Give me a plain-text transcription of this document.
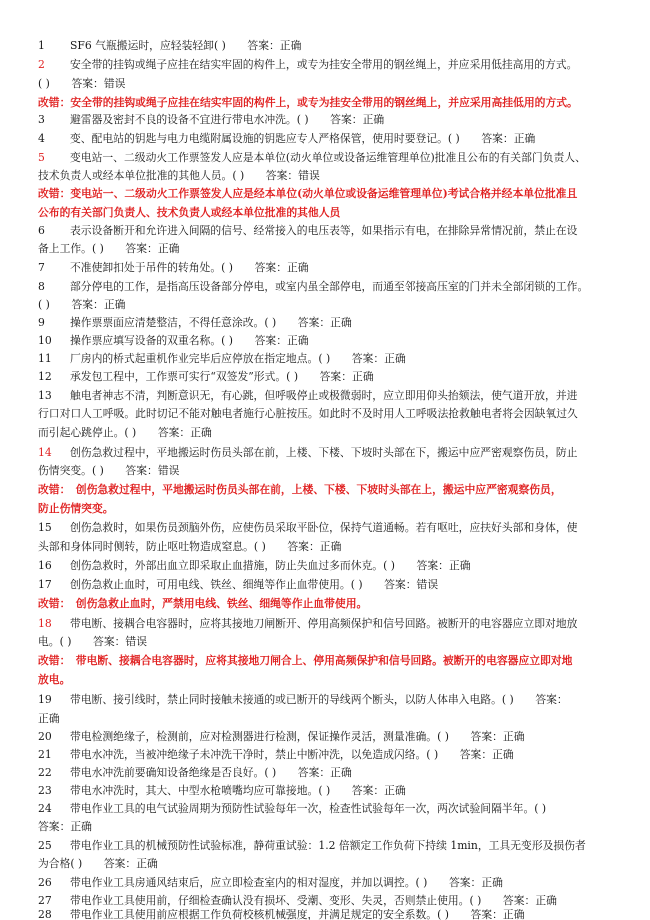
1 SF6 气瓶搬运时，应轻装轻卸( )　　答案：正确
2 安全带的挂钩或绳子应挂在结实牢固的构件上，或专为挂安全带用的钢丝绳上，并应采用低挂高用的方式。
( )　　答案：错误
改错：安全带的挂钩或绳子应挂在结实牢固的构件上，或专为挂安全带用的钢丝绳上，并应采用高挂低用的方式。
3 避雷器及密封不良的设备不宜进行带电水冲洗。( )　　答案：正确
4 变、配电站的钥匙与电力电缆附属设施的钥匙应专人严格保管，使用时要登记。( )　　答案：正确
5 变电站一、二级动火工作票签发人应是本单位(动火单位或设备运维管理单位)批准且公布的有关部门负责人、
技术负责人或经本单位批准的其他人员。( )　　答案：错误
改错：变电站一、二级动火工作票签发人应是经本单位(动火单位或设备运维管理单位)考试合格并经本单位批准且
公布的有关部门负责人、技术负责人或经本单位批准的其他人员
6 表示设备断开和允许进入间隔的信号、经常接入的电压表等，如果指示有电，在排除异常情况前，禁止在设
备上工作。( )　　答案：正确
7 不准使卸扣处于吊件的转角处。( )　　答案：正确
8 部分停电的工作，是指高压设备部分停电，或室内虽全部停电，而通至邻接高压室的门并未全部闭锁的工作。
( )　　答案：正确
9 操作票票面应清楚整洁，不得任意涂改。( )　　答案：正确
10 操作票应填写设备的双重名称。( )　　答案：正确
11 厂房内的桥式起重机作业完毕后应停放在指定地点。( )　　答案：正确
12 承发包工程中，工作票可实行“双签发”形式。( )　　答案：正确
13 触电者神志不清，判断意识无，有心跳，但呼吸停止或极微弱时，应立即用仰头抬颏法，使气道开放，并进
行口对口人工呼吸。此时切记不能对触电者施行心脏按压。如此时不及时用人工呼吸法抢救触电者将会因缺氧过久
而引起心跳停止。( )　　答案：正确
14 创伤急救过程中，平地搬运时伤员头部在前，上楼、下楼、下坡时头部在下，搬运中应严密观察伤员，防止
伤情突变。( )　　答案：错误
改错：　创伤急救过程中，平地搬运时伤员头部在前，上楼、下楼、下坡时头部在上，搬运中应严密观察伤员，
防止伤情突变。
15 创伤急救时，如果伤员颈脑外伤，应使伤员采取平卧位，保持气道通畅。若有呕吐，应扶好头部和身体，使
头部和身体同时侧转，防止呕吐物造成窒息。( )　　答案：正确
16 创伤急救时，外部出血立即采取止血措施，防止失血过多而休克。( )　　答案：正确
17 创伤急救止血时，可用电线、铁丝、细绳等作止血带使用。( )　　答案：错误
改错：　创伤急救止血时，严禁用电线、铁丝、细绳等作止血带使用。
18 带电断、接耦合电容器时，应将其接地刀闸断开、停用高频保护和信号回路。被断开的电容器应立即对地放
电。( )　　答案：错误
改错：　带电断、接耦合电容器时，应将其接地刀闸合上、停用高频保护和信号回路。被断开的电容器应立即对地
放电。
19 带电断、接引线时，禁止同时接触未接通的或已断开的导线两个断头，以防人体串入电路。( )　　答案：
正确
20 带电检测绝缘子，检测前，应对检测器进行检测，保证操作灵活，测量准确。( )　　答案：正确
21 带电水冲洗，当被冲绝缘子未冲洗干净时，禁止中断冲洗，以免造成闪络。( )　　答案：正确
22 带电水冲洗前要确知设备绝缘是否良好。( )　　答案：正确
23 带电水冲洗时，其大、中型水枪喷嘴均应可靠接地。( )　　答案：正确
24 带电作业工具的电气试验周期为预防性试验每年一次，检查性试验每年一次，两次试验间隔半年。( )
答案：正确
25 带电作业工具的机械预防性试验标准，静荷重试验：1.2 倍额定工作负荷下持续 1min，工具无变形及损伤者
为合格( )　　答案：正确
26 带电作业工具房通风结束后，应立即检查室内的相对湿度，并加以调控。( )　　答案：正确
27 带电作业工具使用前，仔细检查确认没有损坏、受潮、变形、失灵，否则禁止使用。( )　　答案：正确
28 带电作业工具使用前应根据工作负荷校核机械强度，并满足规定的安全系数。( )　　答案：正确
